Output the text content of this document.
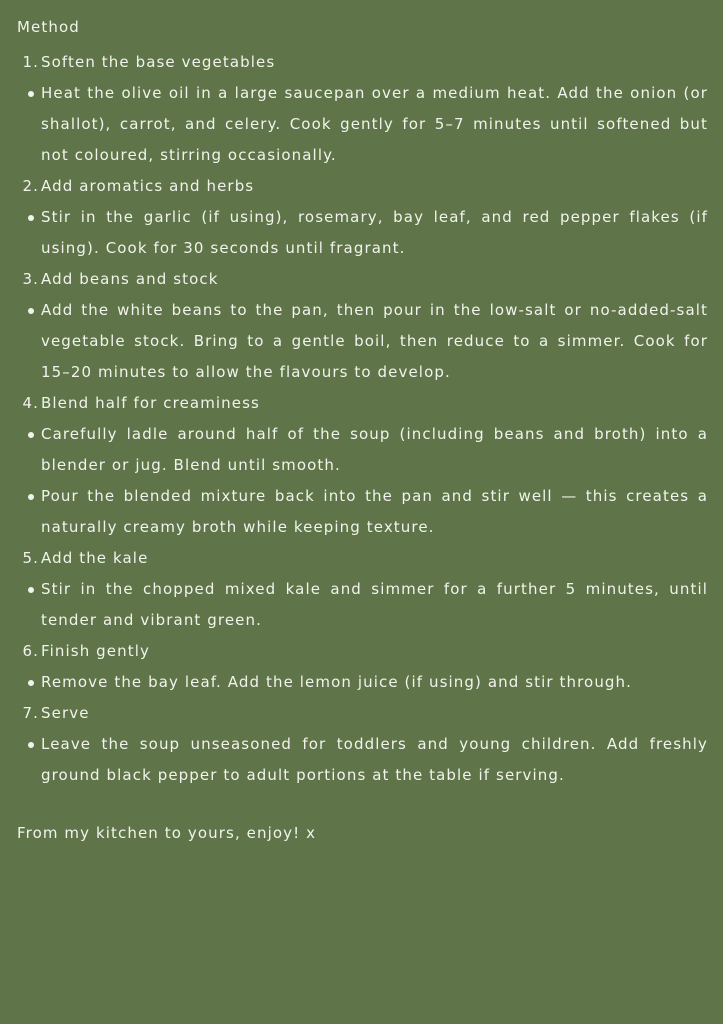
Method
1. Soften the base vegetables
Heat the olive oil in a large saucepan over a medium heat. Add the onion (or shallot), carrot, and celery. Cook gently for 5–7 minutes until softened but not coloured, stirring occasionally.
2. Add aromatics and herbs
Stir in the garlic (if using), rosemary, bay leaf, and red pepper flakes (if using). Cook for 30 seconds until fragrant.
3. Add beans and stock
Add the white beans to the pan, then pour in the low-salt or no-added-salt vegetable stock. Bring to a gentle boil, then reduce to a simmer. Cook for 15–20 minutes to allow the flavours to develop.
4. Blend half for creaminess
Carefully ladle around half of the soup (including beans and broth) into a blender or jug. Blend until smooth.
Pour the blended mixture back into the pan and stir well — this creates a naturally creamy broth while keeping texture.
5. Add the kale
Stir in the chopped mixed kale and simmer for a further 5 minutes, until tender and vibrant green.
6. Finish gently
Remove the bay leaf. Add the lemon juice (if using) and stir through.
7. Serve
Leave the soup unseasoned for toddlers and young children. Add freshly ground black pepper to adult portions at the table if serving.

From my kitchen to yours, enjoy! x
